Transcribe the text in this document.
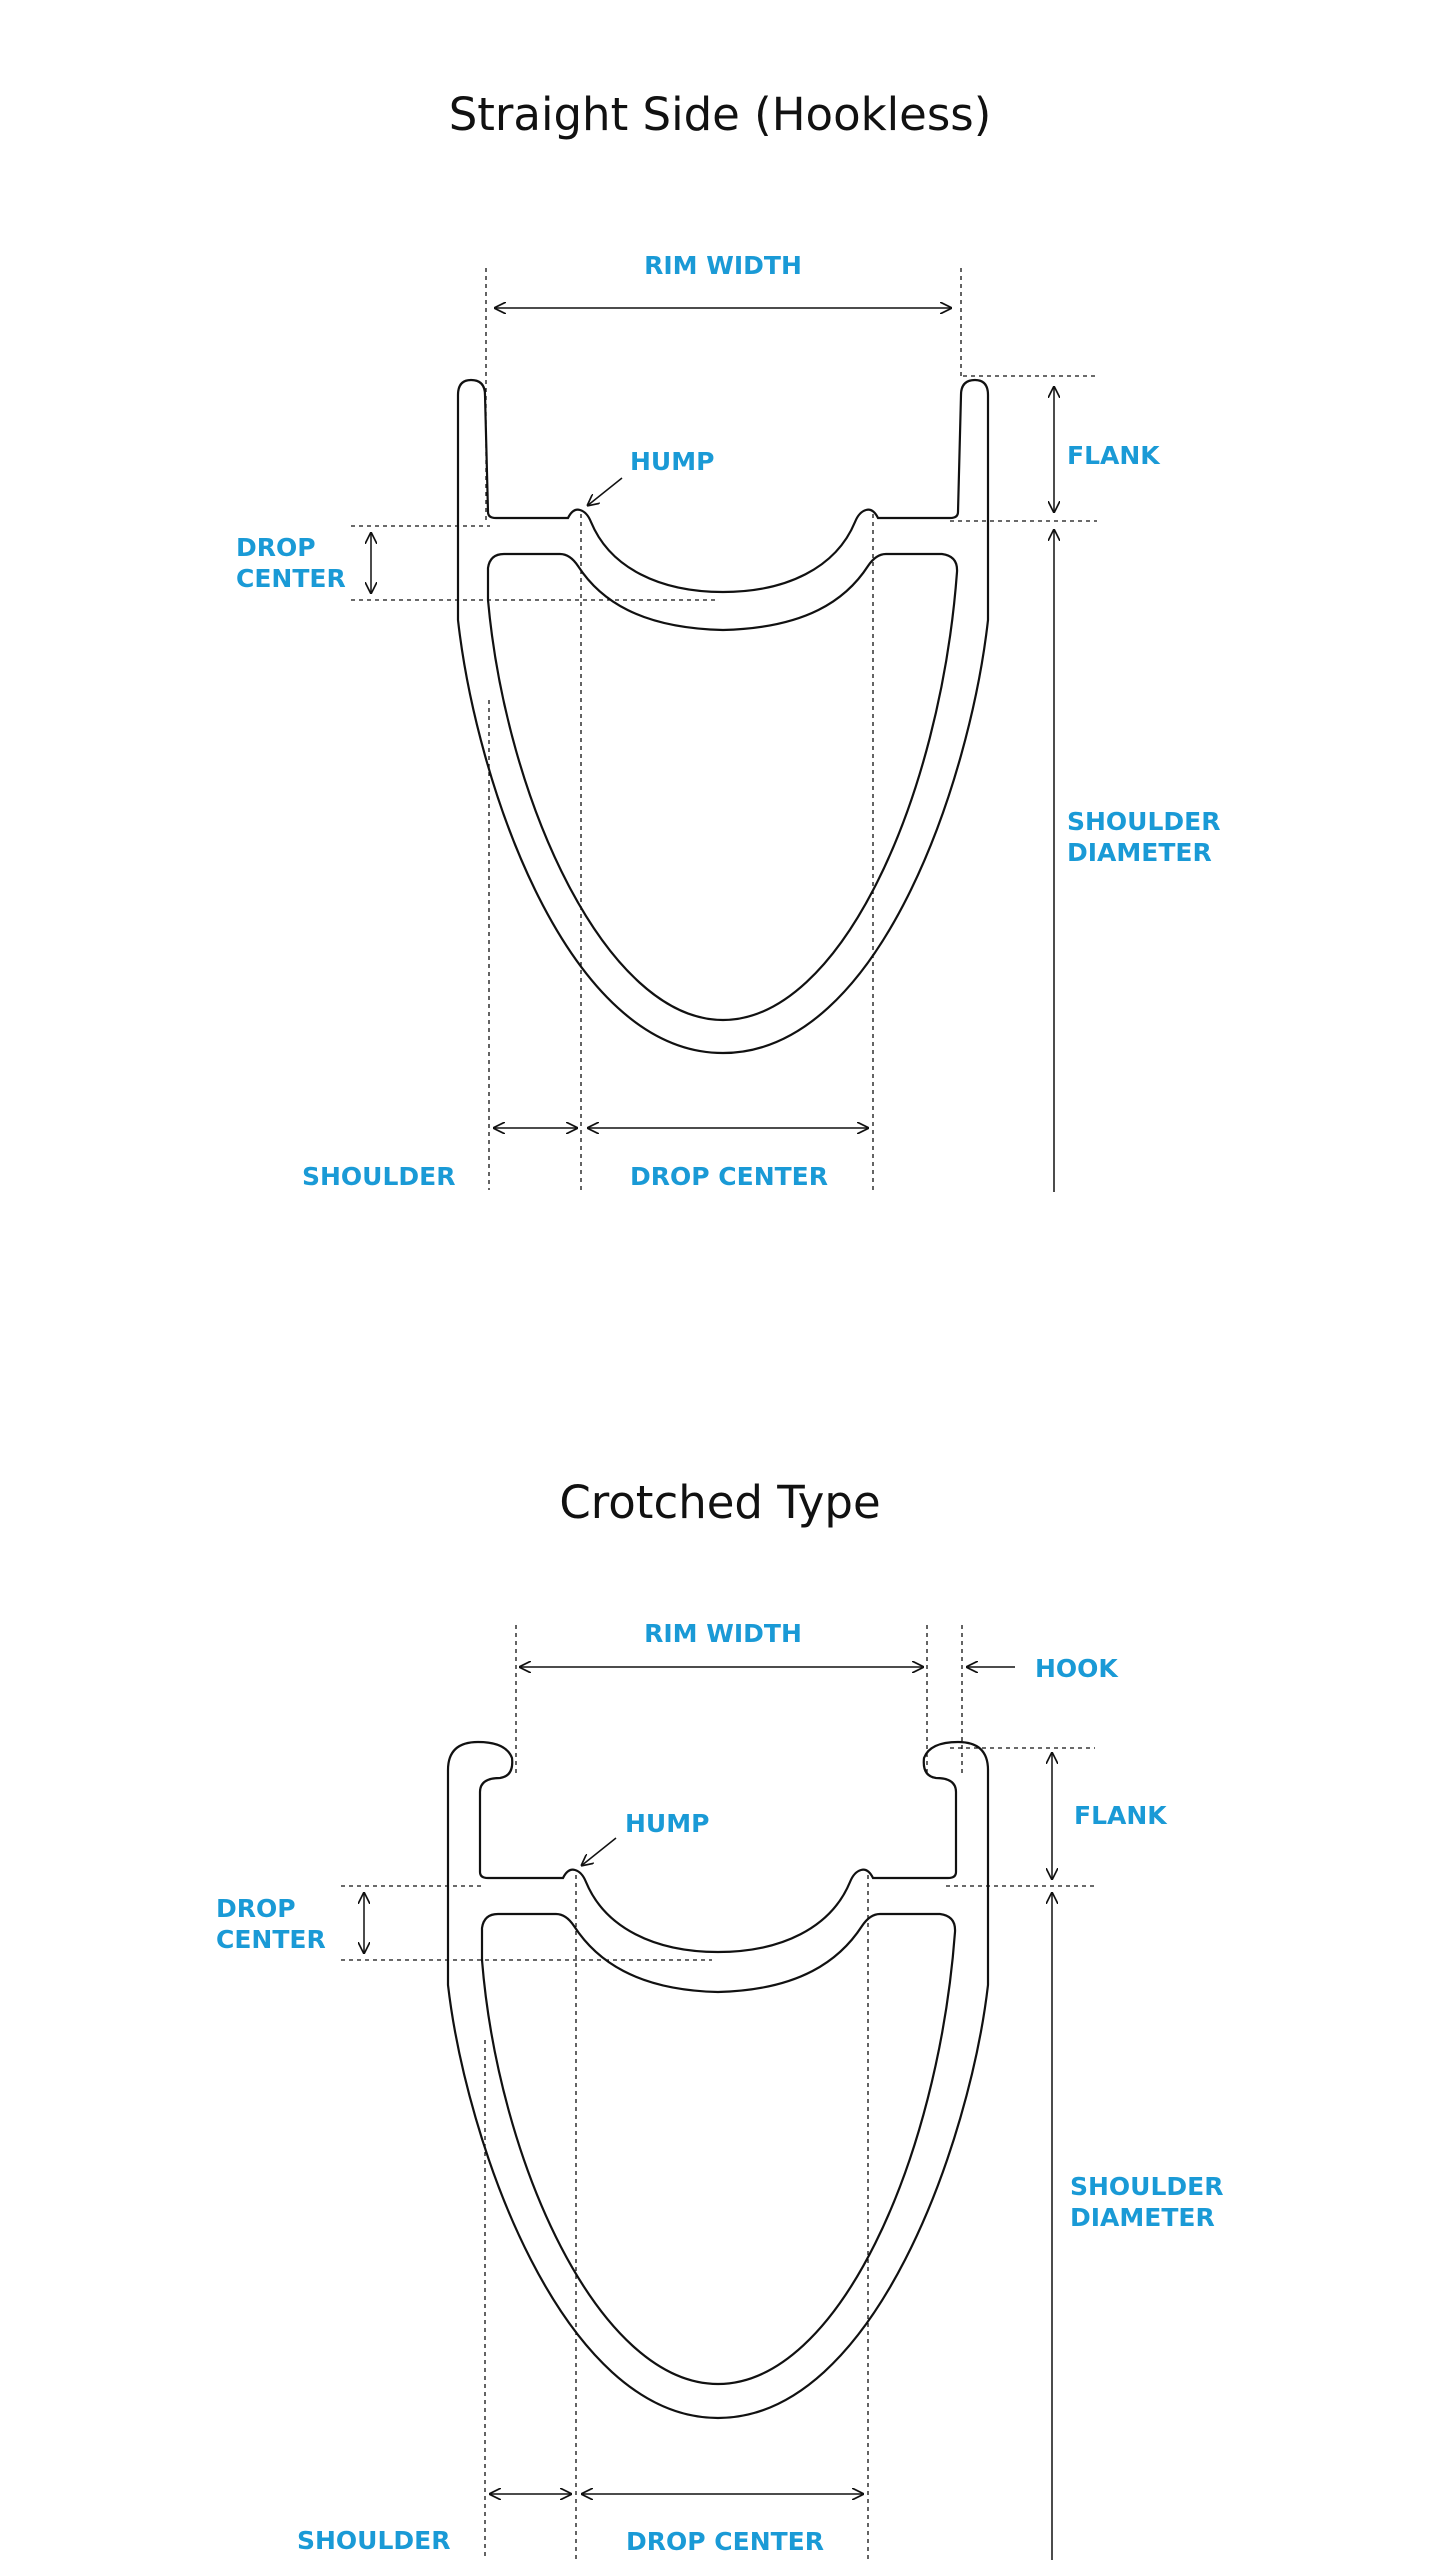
Straight Side (Hookless)
Crotched Type

RIM WIDTH

HUMP	FLANK

DROP

CENTER

SHOULDER

DIAMETER

SHOULDER	DROP CENTER

RIM WIDTH

HOOK

HUMP	FLANK

DROP

CENTER

SHOULDER

DIAMETER

SHOULDER	DROP CENTER
